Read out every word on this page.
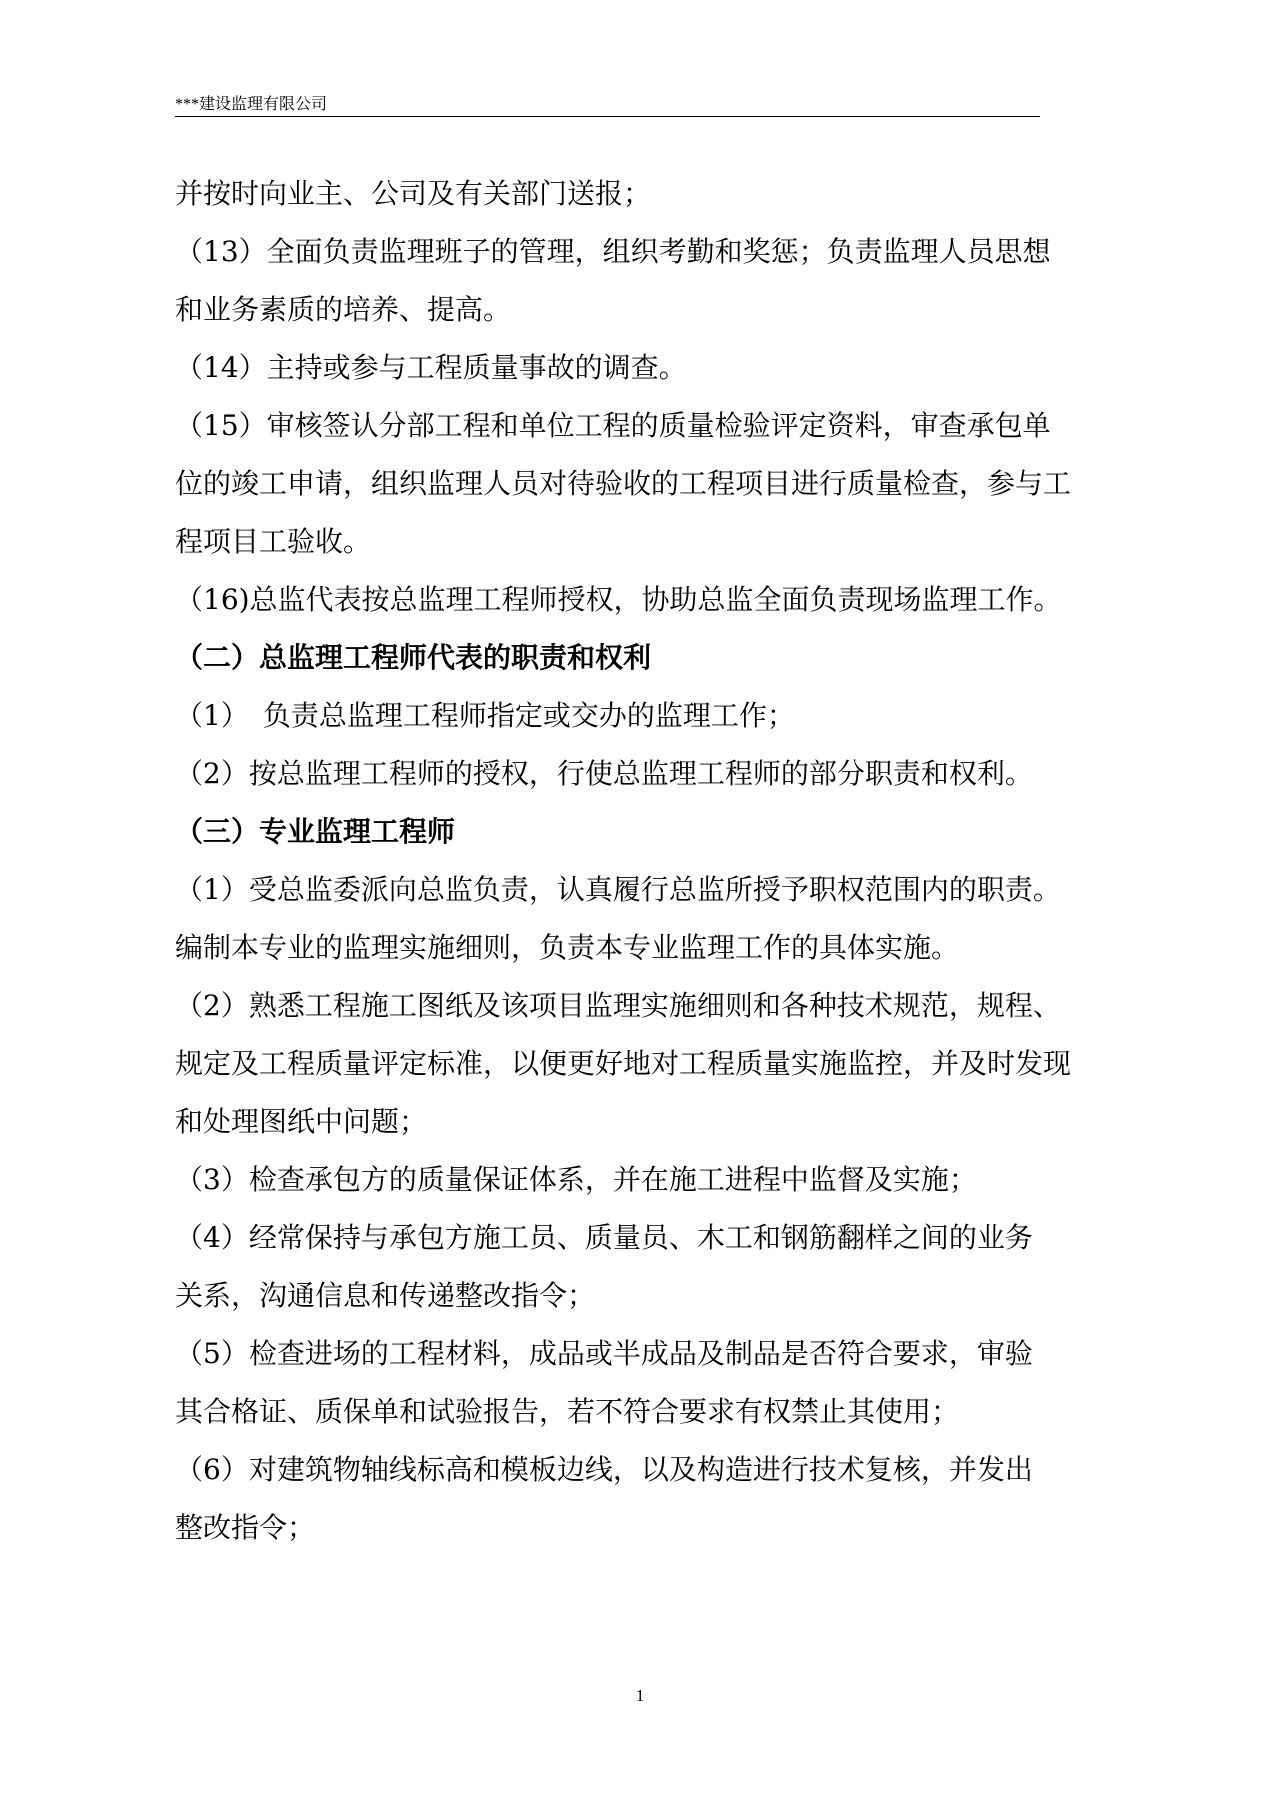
***建设监理有限公司
并按时向业主、公司及有关部门送报；
（13）全面负责监理班子的管理，组织考勤和奖惩；负责监理人员思想
和业务素质的培养、提高。
（14）主持或参与工程质量事故的调查。
（15）审核签认分部工程和单位工程的质量检验评定资料，审查承包单
位的竣工申请，组织监理人员对待验收的工程项目进行质量检查，参与工
程项目工验收。
（16)总监代表按总监理工程师授权，协助总监全面负责现场监理工作。
（二）总监理工程师代表的职责和权利
（1）　负责总监理工程师指定或交办的监理工作；
（2）按总监理工程师的授权，行使总监理工程师的部分职责和权利。
（三）专业监理工程师
（1）受总监委派向总监负责，认真履行总监所授予职权范围内的职责。
编制本专业的监理实施细则，负责本专业监理工作的具体实施。
（2）熟悉工程施工图纸及该项目监理实施细则和各种技术规范，规程、
规定及工程质量评定标准，以便更好地对工程质量实施监控，并及时发现
和处理图纸中问题；
（3）检查承包方的质量保证体系，并在施工进程中监督及实施；
（4）经常保持与承包方施工员、质量员、木工和钢筋翻样之间的业务
关系，沟通信息和传递整改指令；
（5）检查进场的工程材料，成品或半成品及制品是否符合要求，审验
其合格证、质保单和试验报告，若不符合要求有权禁止其使用；
（6）对建筑物轴线标高和模板边线，以及构造进行技术复核，并发出
整改指令；
1
